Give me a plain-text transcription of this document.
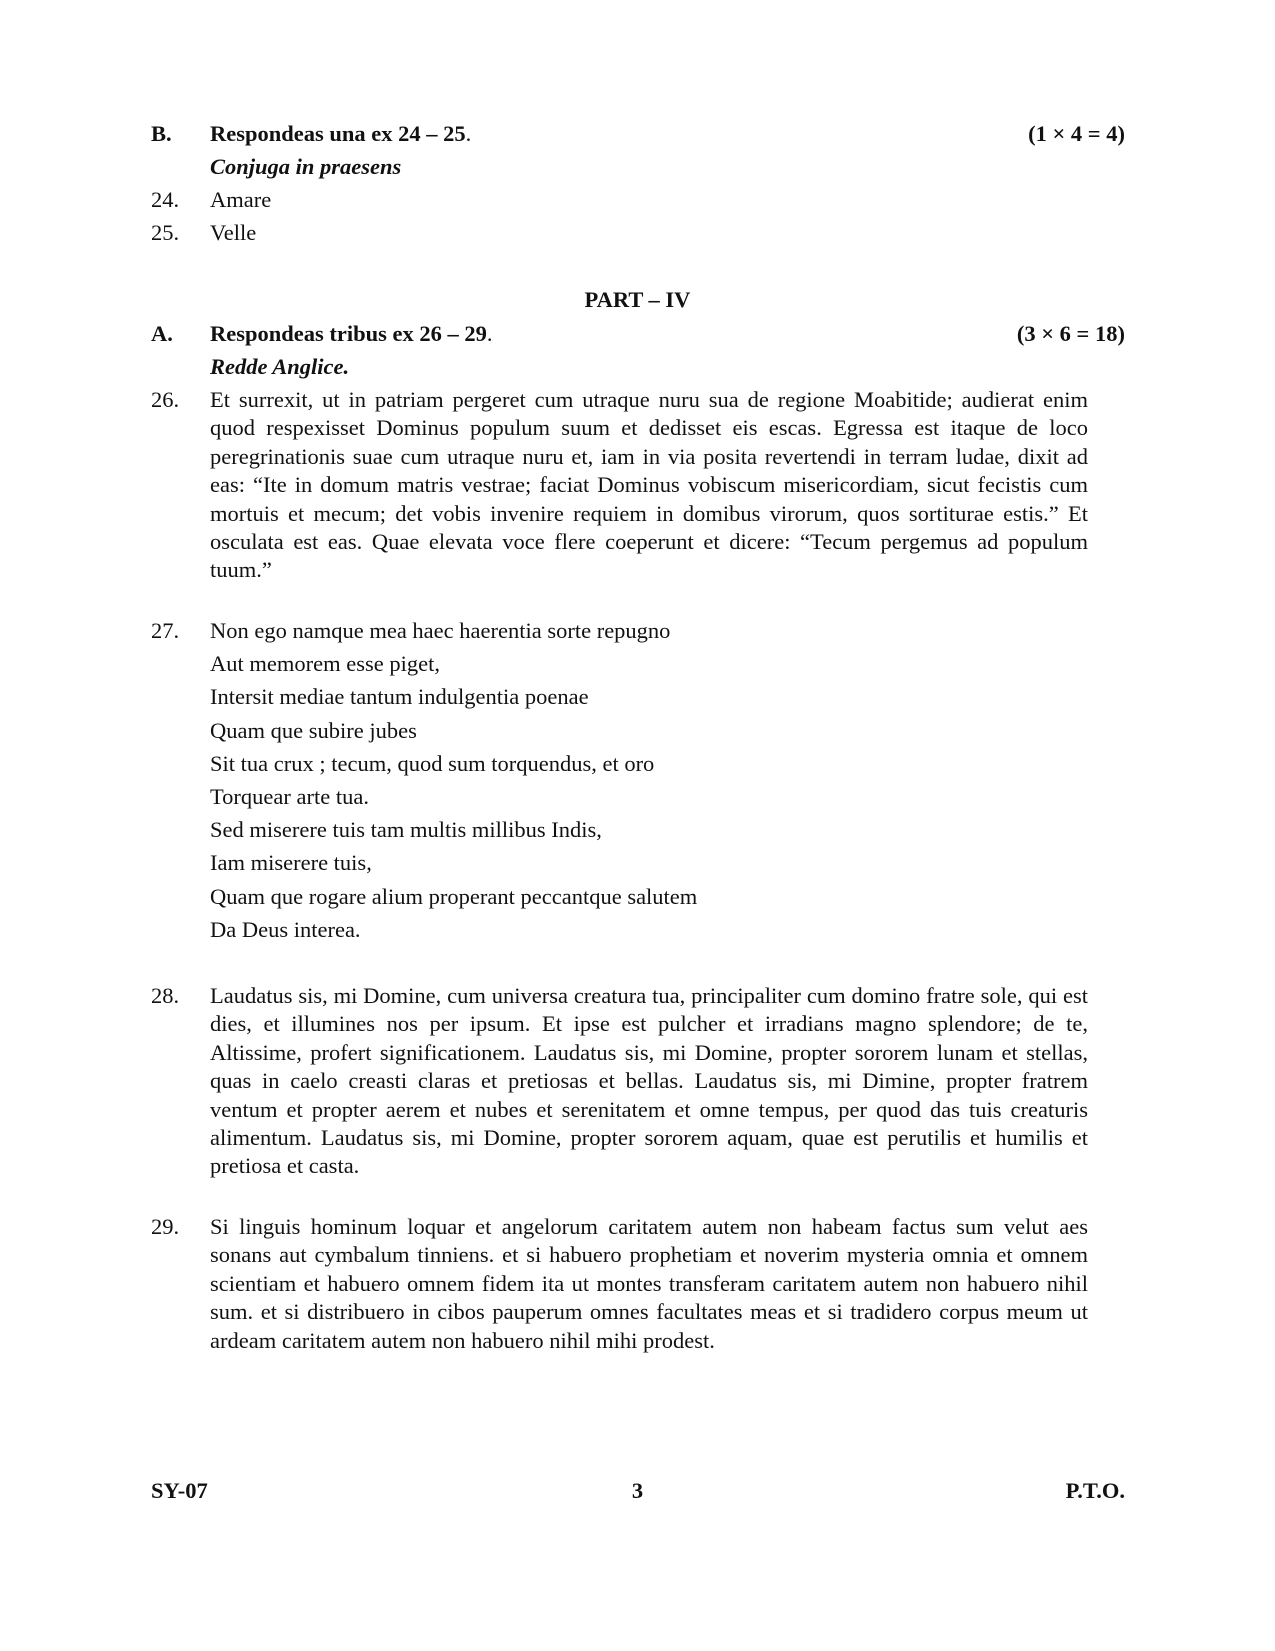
B.	Respondeas una ex 24 – 25.	(1 × 4 = 4)
Conjuga in praesens
24.	Amare
25.	Velle
PART – IV
A.	Respondeas tribus ex 26 – 29.	(3 × 6 = 18)
Redde Anglice.
26.	Et surrexit, ut in patriam pergeret cum utraque nuru sua de regione Moabitide; audierat enim quod respexisset Dominus populum suum et dedisset eis escas. Egressa est itaque de loco peregrinationis suae cum utraque nuru et, iam in via posita revertendi in terram ludae, dixit ad eas: “Ite in domum matris vestrae; faciat Dominus vobiscum misericordiam, sicut fecistis cum mortuis et mecum; det vobis invenire requiem in domibus virorum, quos sortiturae estis.” Et osculata est eas. Quae elevata voce flere coeperunt et dicere: “Tecum pergemus ad populum tuum.”
27.	Non ego namque mea haec haerentia sorte repugno
Aut memorem esse piget,
Intersit mediae tantum indulgentia poenae
Quam que subire jubes
Sit tua crux ; tecum, quod sum torquendus, et oro
Torquear arte tua.
Sed miserere tuis tam multis millibus Indis,
Iam miserere tuis,
Quam que rogare alium properant peccantque salutem
Da Deus interea.
28.	Laudatus sis, mi Domine, cum universa creatura tua, principaliter cum domino fratre sole, qui est dies, et illumines nos per ipsum. Et ipse est pulcher et irradians magno splendore; de te, Altissime, profert significationem. Laudatus sis, mi Domine, propter sororem lunam et stellas, quas in caelo creasti claras et pretiosas et bellas. Laudatus sis, mi Dimine, propter fratrem ventum et propter aerem et nubes et serenitatem et omne tempus, per quod das tuis creaturis alimentum. Laudatus sis, mi Domine, propter sororem aquam, quae est perutilis et humilis et pretiosa et casta.
29.	Si linguis hominum loquar et angelorum caritatem autem non habeam factus sum velut aes sonans aut cymbalum tinniens. et si habuero prophetiam et noverim mysteria omnia et omnem scientiam et habuero omnem fidem ita ut montes transferam caritatem autem non habuero nihil sum. et si distribuero in cibos pauperum omnes facultates meas et si tradidero corpus meum ut ardeam caritatem autem non habuero nihil mihi prodest.
SY-07	3	P.T.O.
